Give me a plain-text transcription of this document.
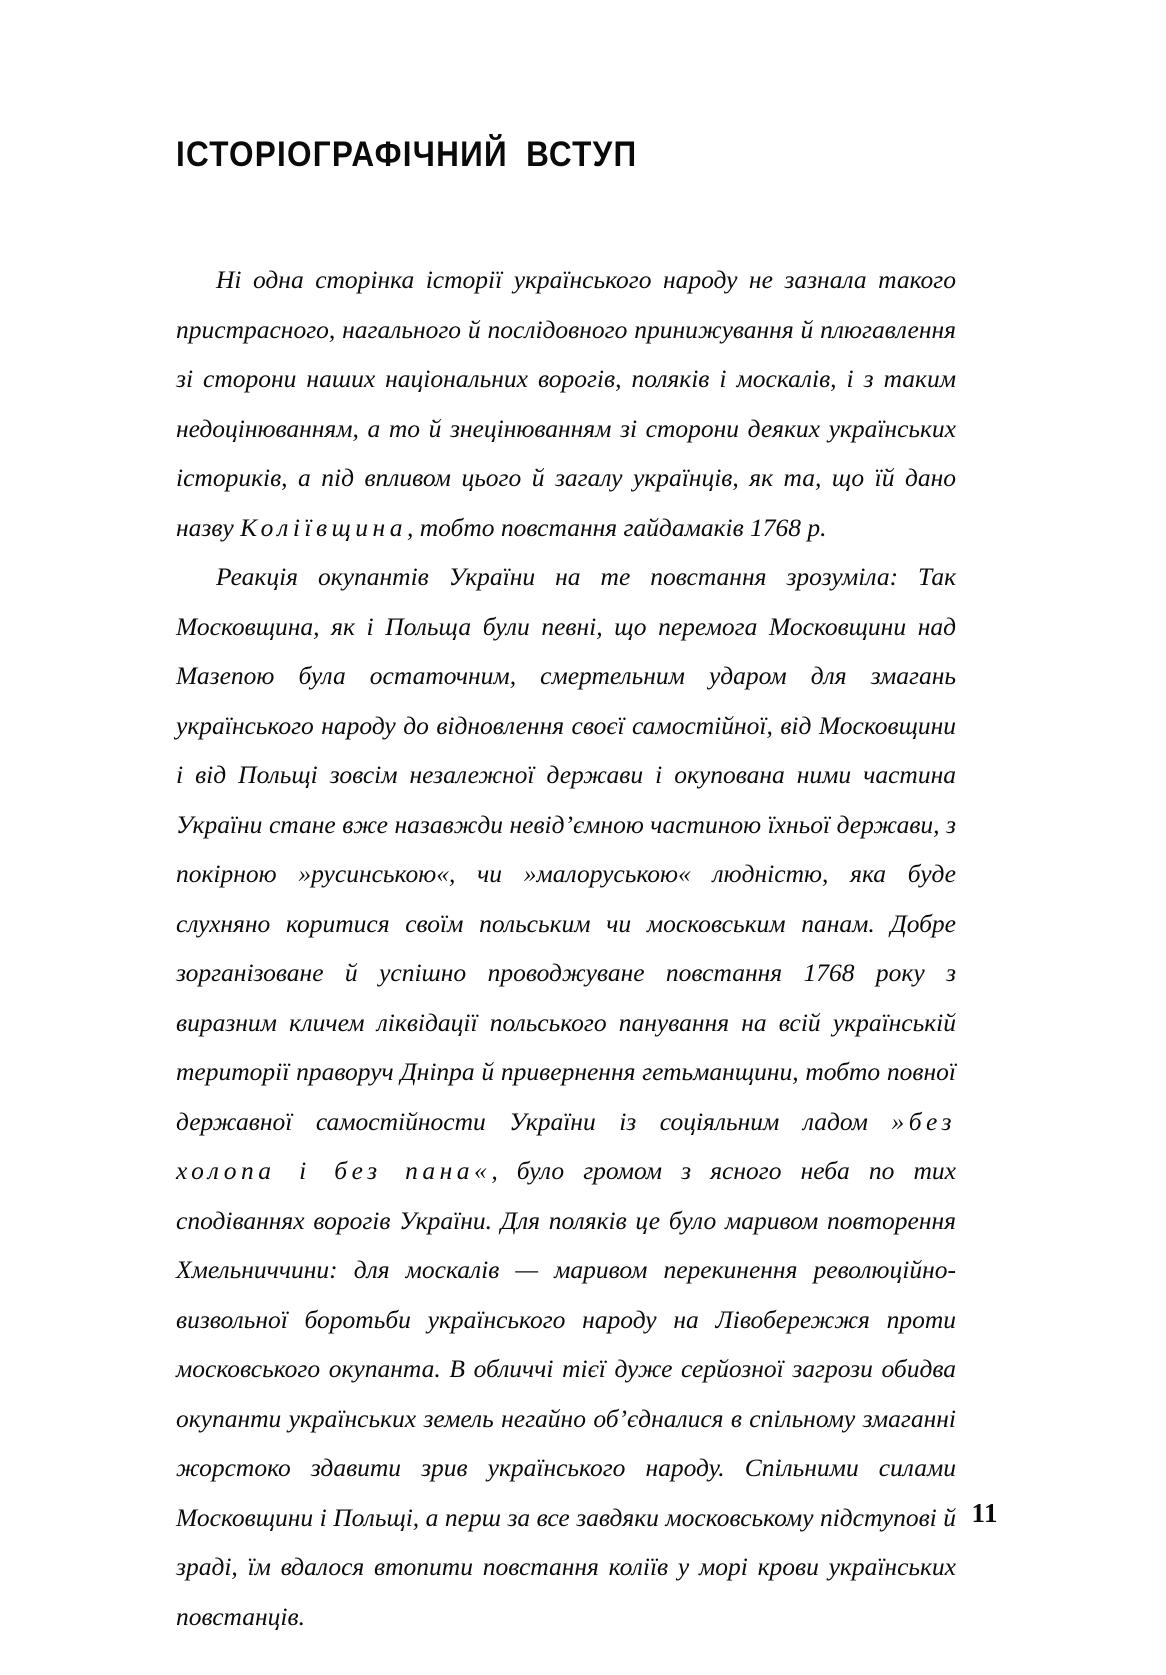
ІСТОРІОГРАФІЧНИЙ ВСТУП

Ні одна сторінка історії українського народу не зазнала такого пристрасного, нагального й послідовного принижування й плюгавлення зі сторони наших національних ворогів, поляків і москалів, і з таким недоцінюванням, а то й знецінюванням зі сторони деяких українських істориків, а під впливом цього й загалу українців, як та, що їй дано назву Коліївщина, тобто повстання гайдамаків 1768 р.

Реакція окупантів України на те повстання зрозуміла: Так Московщина, як і Польща були певні, що перемога Московщини над Мазепою була остаточним, смертельним ударом для змагань українського народу до відновлення своєї самостійної, від Московщини і від Польщі зовсім незалежної держави і окупована ними частина України стане вже назавжди невід’ємною частиною їхньої держави, з покірною »русинською«, чи »малоруською« людністю, яка буде слухняно коритися своїм польським чи московським панам. Добре зорганізоване й успішно проводжуване повстання 1768 року з виразним кличем ліквідації польського панування на всій українській території праворуч Дніпра й привернення гетьманщини, тобто повної державної самостійности України із соціяльним ладом »без холопа і без пана«, було громом з ясного неба по тих сподіваннях ворогів України. Для поляків це було маривом повторення Хмельниччини: для москалів — маривом перекинення революційно-визвольної боротьби українського народу на Лівобережжя проти московського окупанта. В обличчі тієї дуже серйозної загрози обидва окупанти українських земель негайно об’єдналися в спільному змаганні жорстоко здавити зрив українського народу. Спільними силами Московщини і Польщі, а перш за все завдяки московському підступові й зраді, їм вдалося втопити повстання коліїв у морі крови українських повстанців.

11
